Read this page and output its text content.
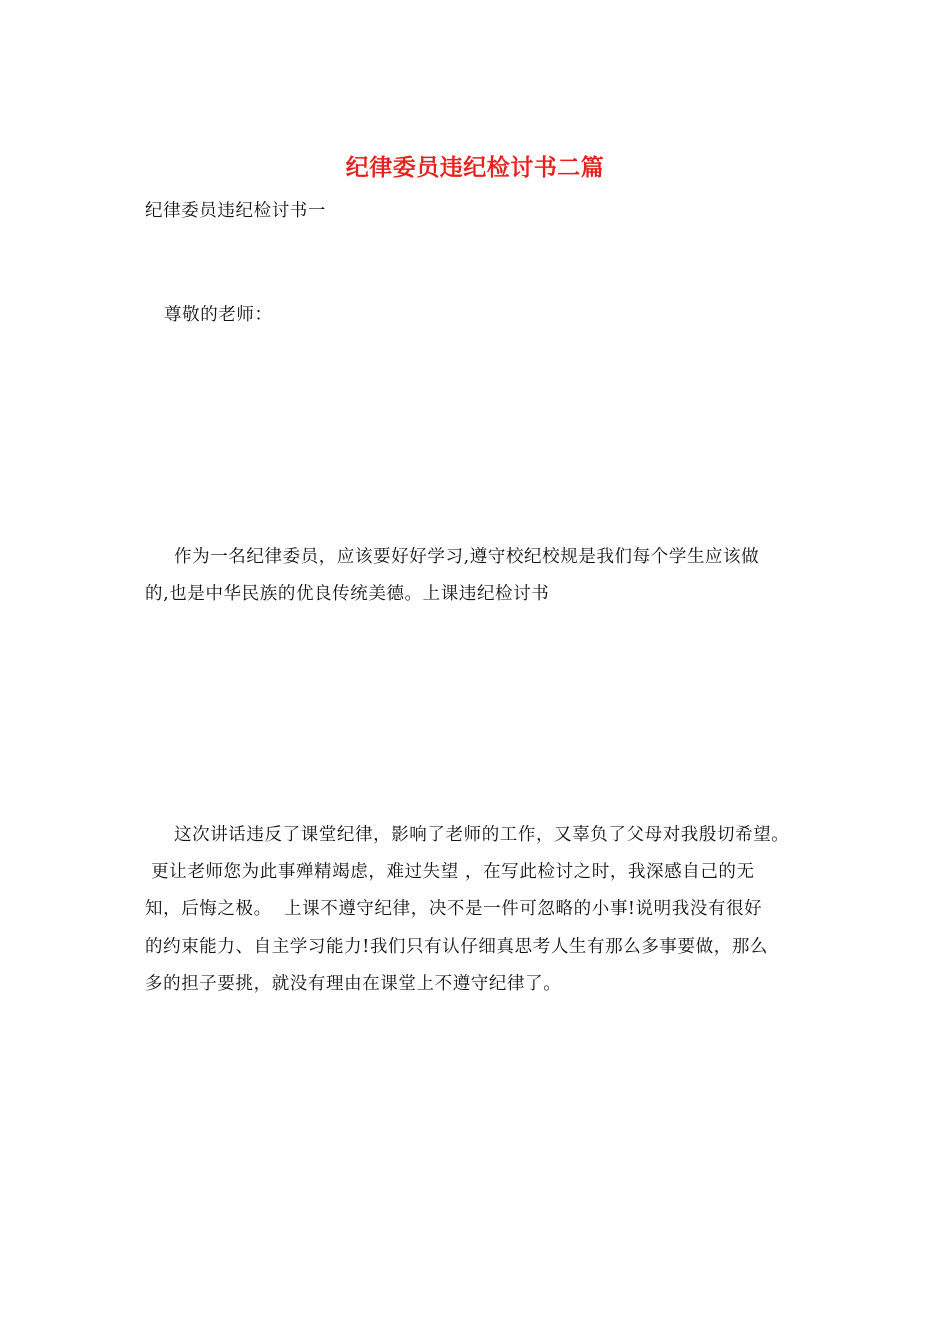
纪律委员违纪检讨书二篇
纪律委员违纪检讨书一
尊敬的老师：
作为一名纪律委员，应该要好好学习,遵守校纪校规是我们每个学生应该做
的,也是中华民族的优良传统美德。上课违纪检讨书
这次讲话违反了课堂纪律，影响了老师的工作，又辜负了父母对我殷切希望。
更让老师您为此事殚精竭虑，难过失望 ，在写此检讨之时，我深感自己的无
知，后悔之极。  上课不遵守纪律，决不是一件可忽略的小事!说明我没有很好
的约束能力、自主学习能力!我们只有认仔细真思考人生有那么多事要做，那么
多的担子要挑，就没有理由在课堂上不遵守纪律了。
